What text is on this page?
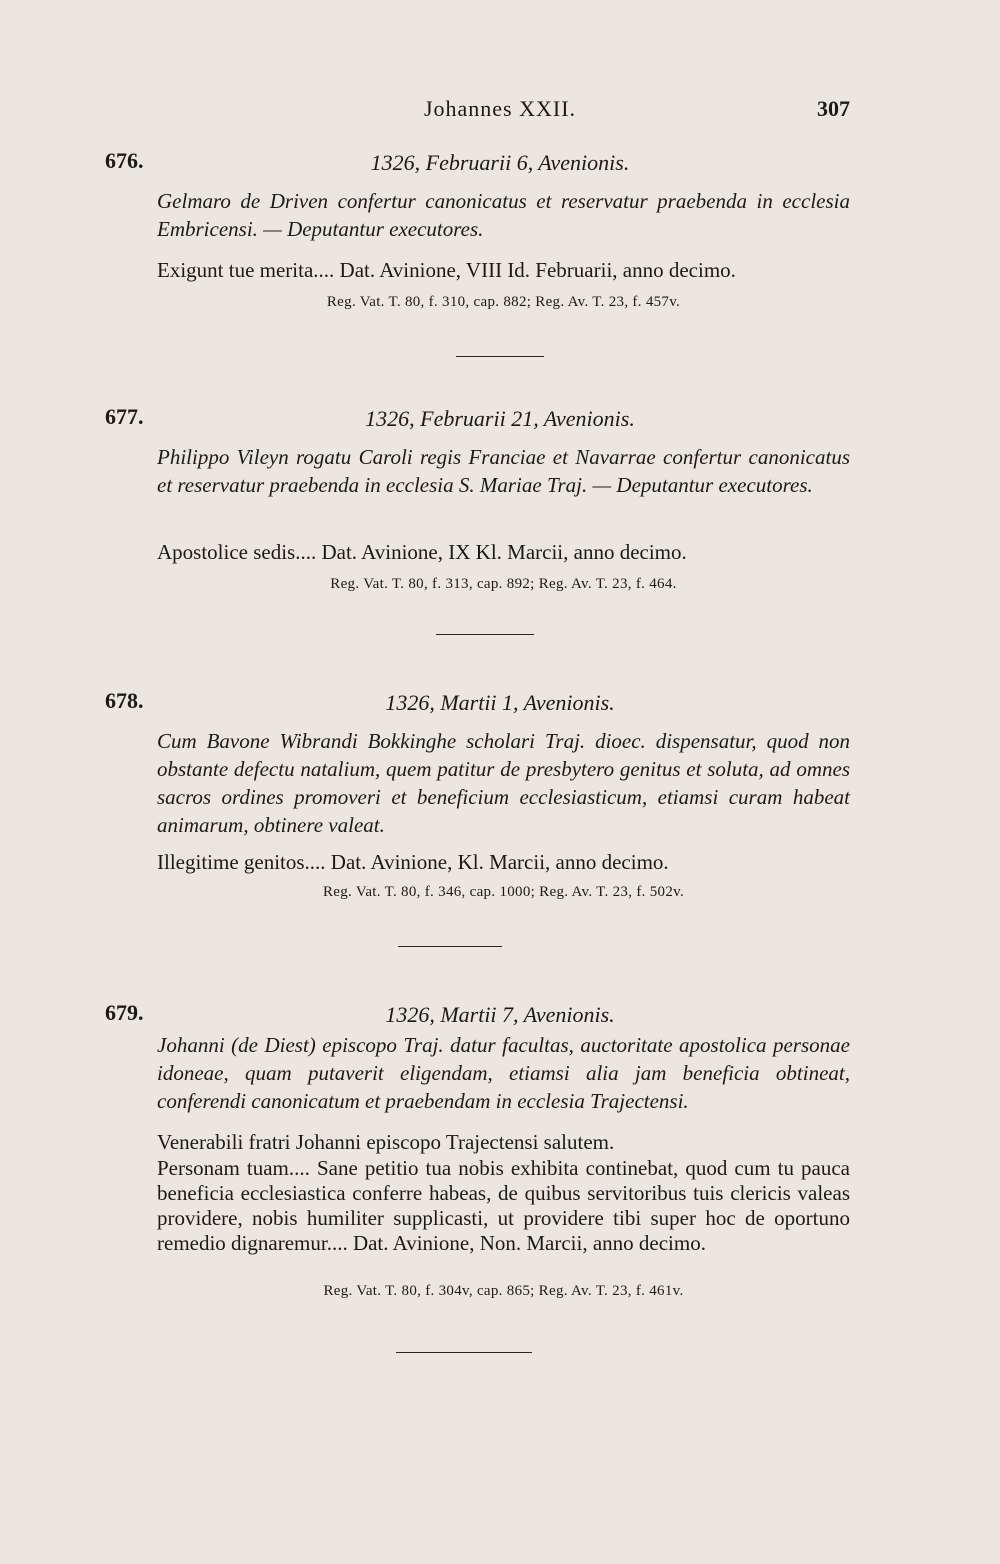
Johannes XXII.	307
676.	1326, Februarii 6, Avenionis.
Gelmaro de Driven confertur canonicatus et reservatur praebenda in ecclesia Embricensi. — Deputantur executores.
Exigunt tue merita.... Dat. Avinione, VIII Id. Februarii, anno decimo.
Reg. Vat. T. 80, f. 310, cap. 882; Reg. Av. T. 23, f. 457v.
677.	1326, Februarii 21, Avenionis.
Philippo Vileyn rogatu Caroli regis Franciae et Navarrae confertur canonicatus et reservatur praebenda in ecclesia S. Mariae Traj. — Deputantur executores.
Apostolice sedis.... Dat. Avinione, IX Kl. Marcii, anno decimo.
Reg. Vat. T. 80, f. 313, cap. 892; Reg. Av. T. 23, f. 464.
678.	1326, Martii 1, Avenionis.
Cum Bavone Wibrandi Bokkinghe scholari Traj. dioec. dispensatur, quod non obstante defectu natalium, quem patitur de presbytero genitus et soluta, ad omnes sacros ordines promoveri et beneficium ecclesiasticum, etiamsi curam habeat animarum, obtinere valeat.
Illegitime genitos.... Dat. Avinione, Kl. Marcii, anno decimo.
Reg. Vat. T. 80, f. 346, cap. 1000; Reg. Av. T. 23, f. 502v.
679.	1326, Martii 7, Avenionis.
Johanni (de Diest) episcopo Traj. datur facultas, auctoritate apostolica personae idoneae, quam putaverit eligendam, etiamsi alia jam beneficia obtineat, conferendi canonicatum et praebendam in ecclesia Trajectensi.
Venerabili fratri Johanni episcopo Trajectensi salutem.
Personam tuam.... Sane petitio tua nobis exhibita continebat, quod cum tu pauca beneficia ecclesiastica conferre habeas, de quibus servitoribus tuis clericis valeas providere, nobis humiliter supplicasti, ut providere tibi super hoc de oportuno remedio dignaremur.... Dat. Avinione, Non. Marcii, anno decimo.
Reg. Vat. T. 80, f. 304v, cap. 865; Reg. Av. T. 23, f. 461v.
